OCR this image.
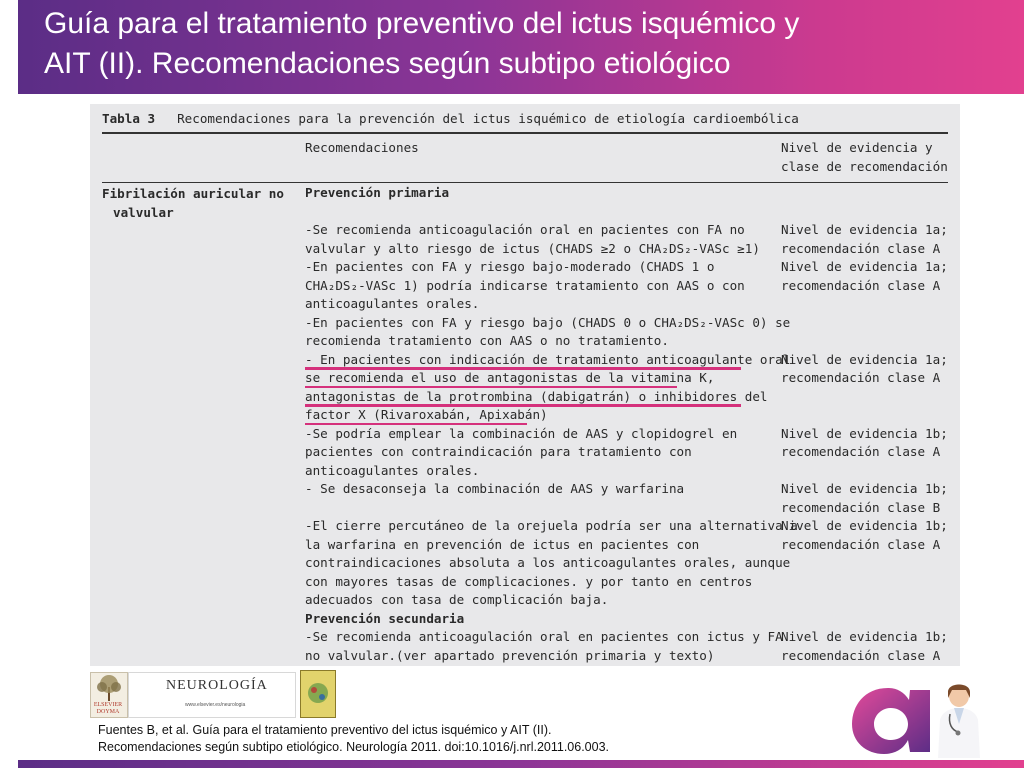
Guía para el tratamiento preventivo del ictus isquémico y
AIT (II). Recomendaciones según subtipo etiológico
Tabla 3 Recomendaciones para la prevención del ictus isquémico de etiología cardioembólica
Recomendaciones	Nivel de evidencia y
clase de recomendación
Fibrilación auricular no
valvular
Prevención primaria
-Se recomienda anticoagulación oral en pacientes con FA no
valvular y alto riesgo de ictus (CHADS ≥2 o CHA₂DS₂-VASc ≥1)
-En pacientes con FA y riesgo bajo-moderado (CHADS 1 o
CHA₂DS₂-VASc 1) podría indicarse tratamiento con AAS o con
anticoagulantes orales.
-En pacientes con FA y riesgo bajo (CHADS 0 o CHA₂DS₂-VASc 0) se
recomienda tratamiento con AAS o no tratamiento.
- En pacientes con indicación de tratamiento anticoagulante oral
se recomienda el uso de antagonistas de la vitamina K,
antagonistas de la protrombina (dabigatrán) o inhibidores del
factor X (Rivaroxabán, Apixabán)
-Se podría emplear la combinación de AAS y clopidogrel en
pacientes con contraindicación para tratamiento con
anticoagulantes orales.
- Se desaconseja la combinación de AAS y warfarina
-El cierre percutáneo de la orejuela podría ser una alternativa a
la warfarina en prevención de ictus en pacientes con
contraindicaciones absoluta a los anticoagulantes orales, aunque
con mayores tasas de complicaciones. y por tanto en centros
adecuados con tasa de complicación baja.
Prevención secundaria
-Se recomienda anticoagulación oral en pacientes con ictus y FA
no valvular.(ver apartado prevención primaria y texto)
Nivel de evidencia 1a;
recomendación clase A
Nivel de evidencia 1a;
recomendación clase A
Nivel de evidencia 1a;
recomendación clase A
Nivel de evidencia 1b;
recomendación clase A
Nivel de evidencia 1b;
recomendación clase B
Nivel de evidencia 1b;
recomendación clase A
Nivel de evidencia 1b;
recomendación clase A
ELSEVIER DOYMA
NEUROLOGÍA
www.elsevier.es/neurologia
Fuentes B, et al. Guía para el tratamiento preventivo del ictus isquémico y AIT (II).
Recomendaciones según subtipo etiológico. Neurología 2011. doi:10.1016/j.nrl.2011.06.003.
